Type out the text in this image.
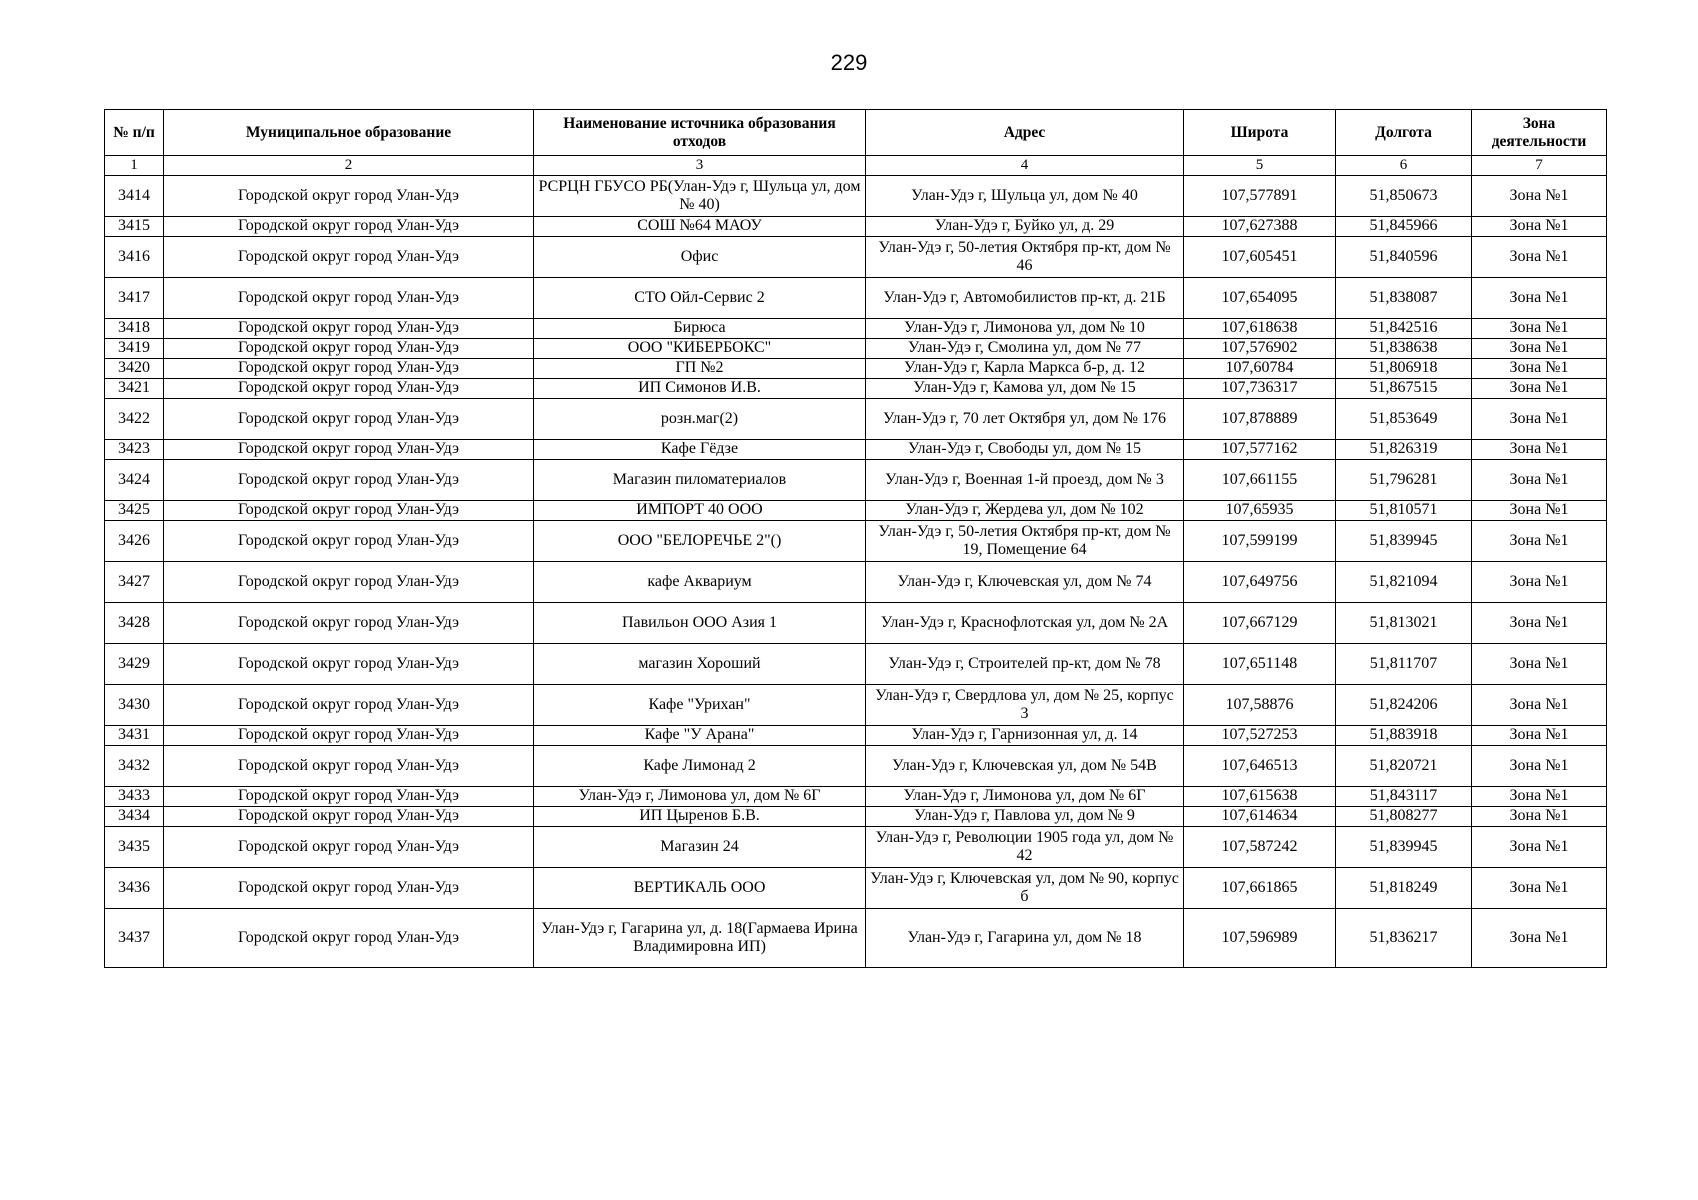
229
№ п/п	Муниципальное образование	Наименование источника образования отходов	Адрес	Широта	Долгота	Зона деятельности
1	2	3	4	5	6	7
3414	Городской округ город Улан-Удэ	РСРЦН ГБУСО РБ(Улан-Удэ г, Шульца ул, дом № 40)	Улан-Удэ г, Шульца ул, дом № 40	107,577891	51,850673	Зона №1
3415	Городской округ город Улан-Удэ	СОШ №64 МАОУ	Улан-Удэ г, Буйко ул, д. 29	107,627388	51,845966	Зона №1
3416	Городской округ город Улан-Удэ	Офис	Улан-Удэ г, 50-летия Октября пр-кт, дом № 46	107,605451	51,840596	Зона №1
3417	Городской округ город Улан-Удэ	СТО Ойл-Сервис 2	Улан-Удэ г, Автомобилистов пр-кт, д. 21Б	107,654095	51,838087	Зона №1
3418	Городской округ город Улан-Удэ	Бирюса	Улан-Удэ г, Лимонова ул, дом № 10	107,618638	51,842516	Зона №1
3419	Городской округ город Улан-Удэ	ООО "КИБЕРБОКС"	Улан-Удэ г, Смолина ул, дом № 77	107,576902	51,838638	Зона №1
3420	Городской округ город Улан-Удэ	ГП №2	Улан-Удэ г, Карла Маркса б-р, д. 12	107,60784	51,806918	Зона №1
3421	Городской округ город Улан-Удэ	ИП Симонов И.В.	Улан-Удэ г, Камова ул, дом № 15	107,736317	51,867515	Зона №1
3422	Городской округ город Улан-Удэ	розн.маг(2)	Улан-Удэ г, 70 лет Октября ул, дом № 176	107,878889	51,853649	Зона №1
3423	Городской округ город Улан-Удэ	Кафе Гёдзе	Улан-Удэ г, Свободы ул, дом № 15	107,577162	51,826319	Зона №1
3424	Городской округ город Улан-Удэ	Магазин пиломатериалов	Улан-Удэ г, Военная 1-й проезд, дом № 3	107,661155	51,796281	Зона №1
3425	Городской округ город Улан-Удэ	ИМПОРТ 40 ООО	Улан-Удэ г, Жердева ул, дом № 102	107,65935	51,810571	Зона №1
3426	Городской округ город Улан-Удэ	ООО "БЕЛОРЕЧЬЕ 2"()	Улан-Удэ г, 50-летия Октября пр-кт, дом № 19, Помещение 64	107,599199	51,839945	Зона №1
3427	Городской округ город Улан-Удэ	кафе Аквариум	Улан-Удэ г, Ключевская ул, дом № 74	107,649756	51,821094	Зона №1
3428	Городской округ город Улан-Удэ	Павильон ООО Азия 1	Улан-Удэ г, Краснофлотская ул, дом № 2А	107,667129	51,813021	Зона №1
3429	Городской округ город Улан-Удэ	магазин Хороший	Улан-Удэ г, Строителей пр-кт, дом № 78	107,651148	51,811707	Зона №1
3430	Городской округ город Улан-Удэ	Кафе "Урихан"	Улан-Удэ г, Свердлова ул, дом № 25, корпус 3	107,58876	51,824206	Зона №1
3431	Городской округ город Улан-Удэ	Кафе "У Арана"	Улан-Удэ г, Гарнизонная ул, д. 14	107,527253	51,883918	Зона №1
3432	Городской округ город Улан-Удэ	Кафе Лимонад 2	Улан-Удэ г, Ключевская ул, дом № 54В	107,646513	51,820721	Зона №1
3433	Городской округ город Улан-Удэ	Улан-Удэ г, Лимонова ул, дом № 6Г	Улан-Удэ г, Лимонова ул, дом № 6Г	107,615638	51,843117	Зона №1
3434	Городской округ город Улан-Удэ	ИП Цыренов Б.В.	Улан-Удэ г, Павлова ул, дом № 9	107,614634	51,808277	Зона №1
3435	Городской округ город Улан-Удэ	Магазин 24	Улан-Удэ г, Революции 1905 года ул, дом № 42	107,587242	51,839945	Зона №1
3436	Городской округ город Улан-Удэ	ВЕРТИКАЛЬ ООО	Улан-Удэ г, Ключевская ул, дом № 90, корпус б	107,661865	51,818249	Зона №1
3437	Городской округ город Улан-Удэ	Улан-Удэ г, Гагарина ул, д. 18(Гармаева Ирина Владимировна ИП)	Улан-Удэ г, Гагарина ул, дом № 18	107,596989	51,836217	Зона №1
